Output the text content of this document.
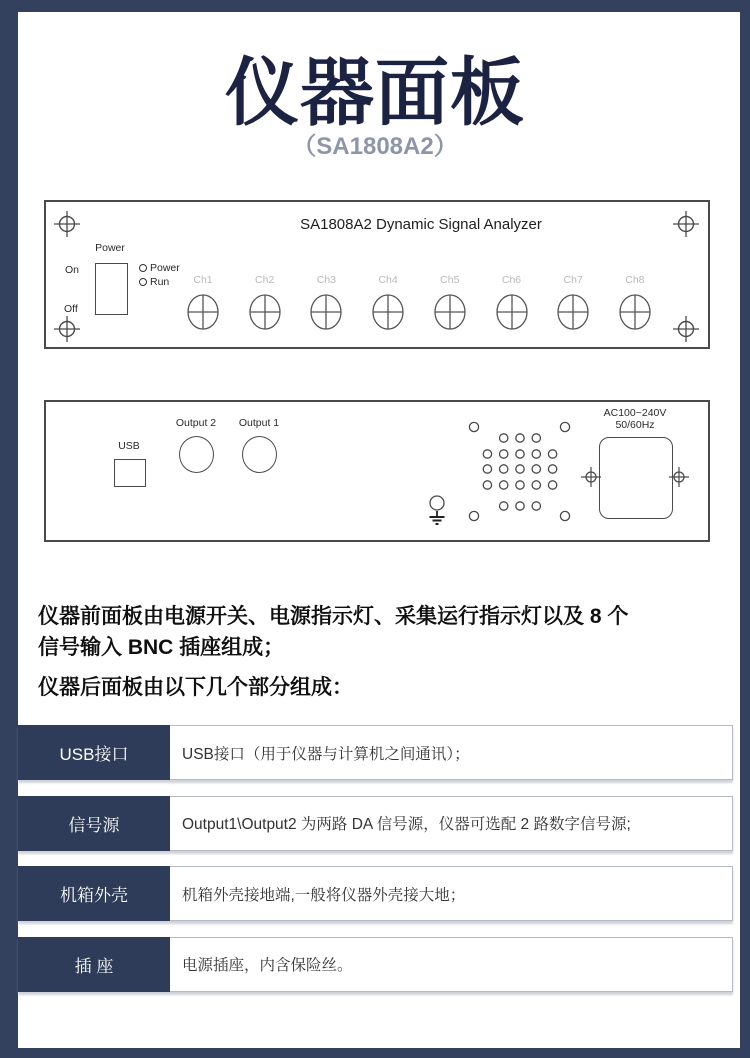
仪器面板
（SA1808A2）
SA1808A2 Dynamic Signal Analyzer
Power
On
Off
Power
Run	Ch1	Ch2	Ch3	Ch4	Ch5	Ch6	Ch7	Ch8
USB
Output 2 Output 1
AC100~240V
50/60Hz
仪器前面板由电源开关、电源指示灯、采集运行指示灯以及 8 个
信号输入 BNC 插座组成；
仪器后面板由以下几个部分组成：
USB接口	USB接口（用于仪器与计算机之间通讯）；
信号源	Output1\Output2 为两路 DA 信号源，仪器可选配 2 路数字信号源;
机箱外壳	机箱外壳接地端,一般将仪器外壳接大地；
插 座	电源插座，内含保险丝。
